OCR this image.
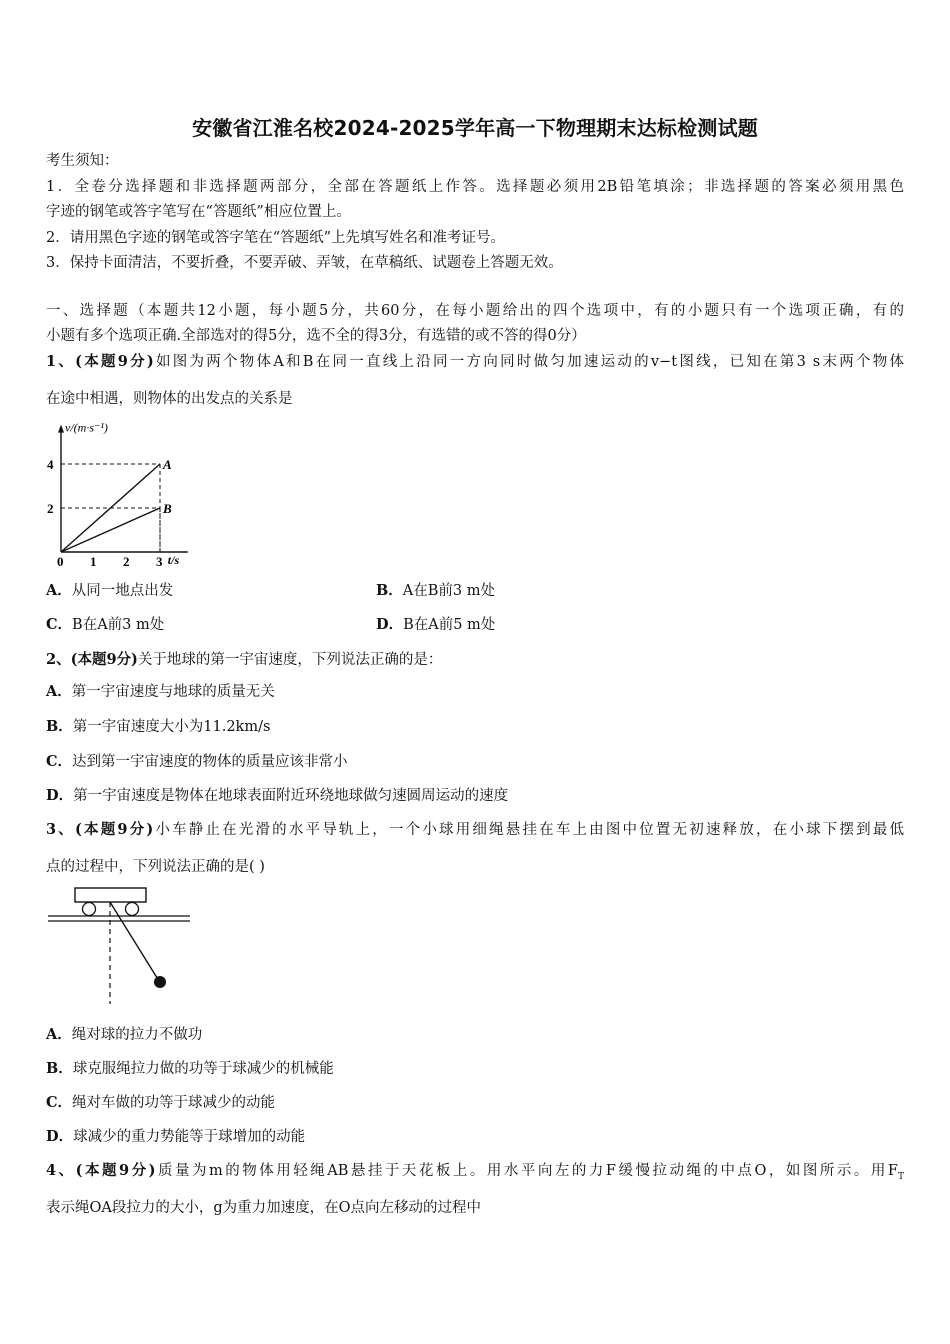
安徽省江淮名校2024-2025学年高一下物理期末达标检测试题
考生须知：
1．全卷分选择题和非选择题两部分，全部在答题纸上作答。选择题必须用2B铅笔填涂；非选择题的答案必须用黑色
字迹的钢笔或答字笔写在“答题纸”相应位置上。
2．请用黑色字迹的钢笔或答字笔在“答题纸”上先填写姓名和准考证号。
3．保持卡面清洁，不要折叠，不要弄破、弄皱，在草稿纸、试题卷上答题无效。
一、选择题（本题共12小题，每小题5分，共60分，在每小题给出的四个选项中，有的小题只有一个选项正确，有的
小题有多个选项正确.全部选对的得5分，选不全的得3分，有选错的或不答的得0分）
1、(本题9分)如图为两个物体A和B在同一直线上沿同一方向同时做匀加速运动的v−t图线，已知在第3 s末两个物体
在途中相遇，则物体的出发点的关系是
v/(m·s⁻¹)
t/s
0 1 2 3
2
4	A
B
A．从同一地点出发	B．A在B前3 m处
C．B在A前3 m处	D．B在A前5 m处
2、(本题9分)关于地球的第一宇宙速度，下列说法正确的是：
A．第一宇宙速度与地球的质量无关
B．第一宇宙速度大小为11.2km/s
C．达到第一宇宙速度的物体的质量应该非常小
D．第一宇宙速度是物体在地球表面附近环绕地球做匀速圆周运动的速度
3、(本题9分)小车静止在光滑的水平导轨上，一个小球用细绳悬挂在车上由图中位置无初速释放，在小球下摆到最低
点的过程中，下列说法正确的是( )
A．绳对球的拉力不做功
B．球克服绳拉力做的功等于球减少的机械能
C．绳对车做的功等于球减少的动能
D．球减少的重力势能等于球增加的动能
4、(本题9分)质量为m的物体用轻绳AB悬挂于天花板上。用水平向左的力F缓慢拉动绳的中点O，如图所示。用$F_T$
表示绳OA段拉力的大小，g为重力加速度，在O点向左移动的过程中
